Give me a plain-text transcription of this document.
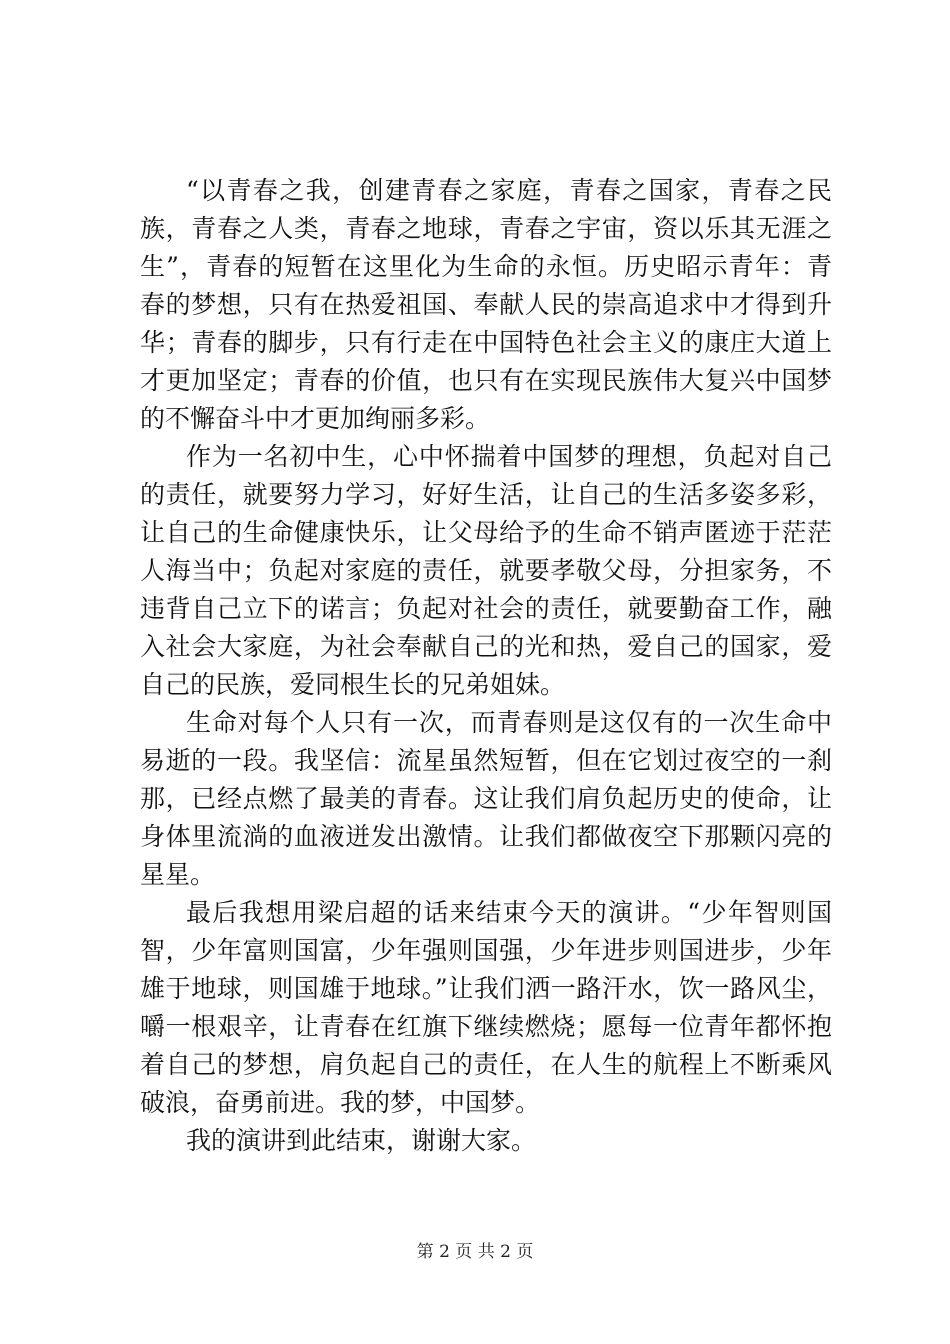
“以青春之我，创建青春之家庭，青春之国家，青春之民
族，青春之人类，青春之地球，青春之宇宙，资以乐其无涯之
生”，青春的短暂在这里化为生命的永恒。历史昭示青年：青
春的梦想，只有在热爱祖国、奉献人民的崇高追求中才得到升
华；青春的脚步，只有行走在中国特色社会主义的康庄大道上
才更加坚定；青春的价值，也只有在实现民族伟大复兴中国梦
的不懈奋斗中才更加绚丽多彩。
作为一名初中生，心中怀揣着中国梦的理想，负起对自己
的责任，就要努力学习，好好生活，让自己的生活多姿多彩，
让自己的生命健康快乐，让父母给予的生命不销声匿迹于茫茫
人海当中；负起对家庭的责任，就要孝敬父母，分担家务，不
违背自己立下的诺言；负起对社会的责任，就要勤奋工作，融
入社会大家庭，为社会奉献自己的光和热，爱自己的国家，爱
自己的民族，爱同根生长的兄弟姐妹。
生命对每个人只有一次，而青春则是这仅有的一次生命中
易逝的一段。我坚信：流星虽然短暂，但在它划过夜空的一刹
那，已经点燃了最美的青春。这让我们肩负起历史的使命，让
身体里流淌的血液迸发出激情。让我们都做夜空下那颗闪亮的
星星。
最后我想用梁启超的话来结束今天的演讲。“少年智则国
智，少年富则国富，少年强则国强，少年进步则国进步，少年
雄于地球，则国雄于地球。”让我们洒一路汗水，饮一路风尘，
嚼一根艰辛，让青春在红旗下继续燃烧；愿每一位青年都怀抱
着自己的梦想，肩负起自己的责任，在人生的航程上不断乘风
破浪，奋勇前进。我的梦，中国梦。
我的演讲到此结束，谢谢大家。
第 2 页 共 2 页
